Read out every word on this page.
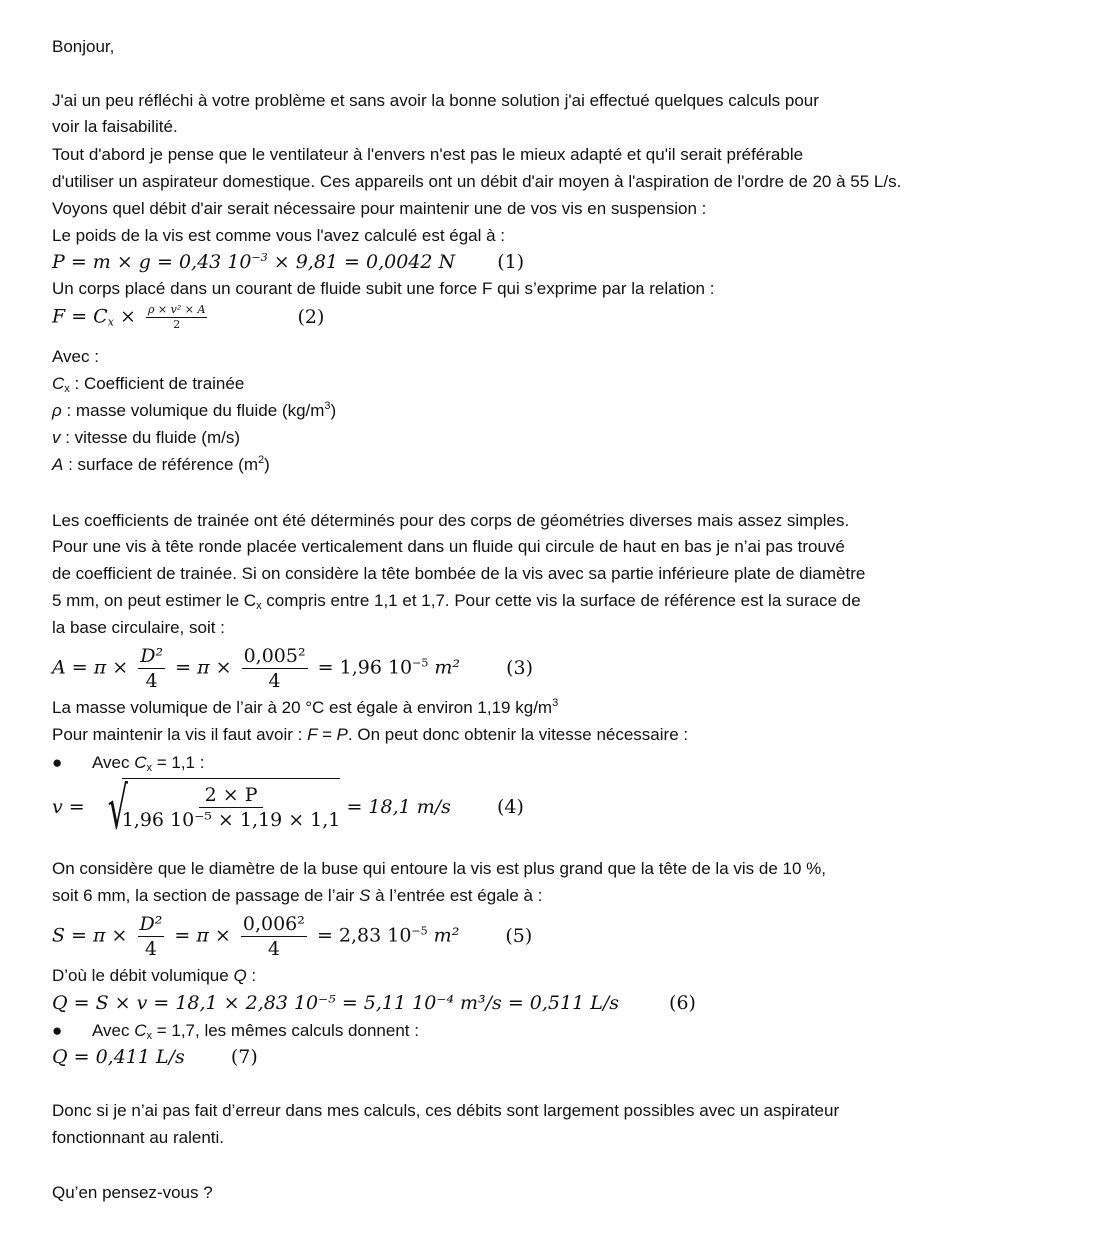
Bonjour,
J'ai un peu réfléchi à votre problème et sans avoir la bonne solution j'ai effectué quelques calculs pour
voir la faisabilité.
Tout d'abord je pense que le ventilateur à l'envers n'est pas le mieux adapté et qu'il serait préférable
d'utiliser un aspirateur domestique. Ces appareils ont un débit d'air moyen à l'aspiration de l'ordre de 20 à 55 L/s.
Voyons quel débit d'air serait nécessaire pour maintenir une de vos vis en suspension :
Le poids de la vis est comme vous l'avez calculé est égal à :
P = m × g = 0,43 $10^{-3} \times 9,81 = 0,0042$ N (1)
Un corps placé dans un courant de fluide subit une force F qui s’exprime par la relation :
$F = C_x \times \frac{\text{ρ × v² × A}}{2}$	(2)
Avec :
$C_x$ : Coefficient de trainée
ρ : masse volumique du fluide $(kg/m^3)$
v : vitesse du fluide (m/s)
A : surface de référence $(m^2)$
Les coefficients de trainée ont été déterminés pour des corps de géométries diverses mais assez simples.
Pour une vis à tête ronde placée verticalement dans un fluide qui circule de haut en bas je n’ai pas trouvé
de coefficient de trainée. Si on considère la tête bombée de la vis avec sa partie inférieure plate de diamètre
5 mm, on peut estimer le $C_x$ compris entre 1,1 et 1,7. Pour cette vis la surface de référence est la surace de
la base circulaire, soit :
$A = \pi \times \frac{\text{D²}}{4} = \pi \times \frac{\text{0,005²}}{4} = 1,96$ $10^{-5}$ m² (3)
La masse volumique de l’air à 20 °C est égale à environ 1,19 $kg/m^3$
Pour maintenir la vis il faut avoir : F = P. On peut donc obtenir la vitesse nécessaire :
● Avec $C_x = 1,1$ :
v = √
$\frac{2 \times P}{\text{1,96 10⁻⁵ × 1,19 × 1,1}} = 18,1$ m/s (4)
On considère que le diamètre de la buse qui entoure la vis est plus grand que la tête de la vis de 10 %,
soit 6 mm, la section de passage de l’air S à l’entrée est égale à :
$S = \pi \times \frac{\text{D²}}{4} = \pi \times \frac{\text{0,006²}}{4} = 2,83$ $10^{-5}$ m² (5)
D’où le débit volumique Q :
Q = S × v = 18,1 × 2,83 10⁻⁵ = 5,11 10⁻⁴ m³/s = 0,511 L/s	(6)
● Avec $C_x = 1,7$, les mêmes calculs donnent :
Q = 0,411 L/s (7)
Donc si je n’ai pas fait d’erreur dans mes calculs, ces débits sont largement possibles avec un aspirateur
fonctionnant au ralenti.
Qu’en pensez-vous ?
